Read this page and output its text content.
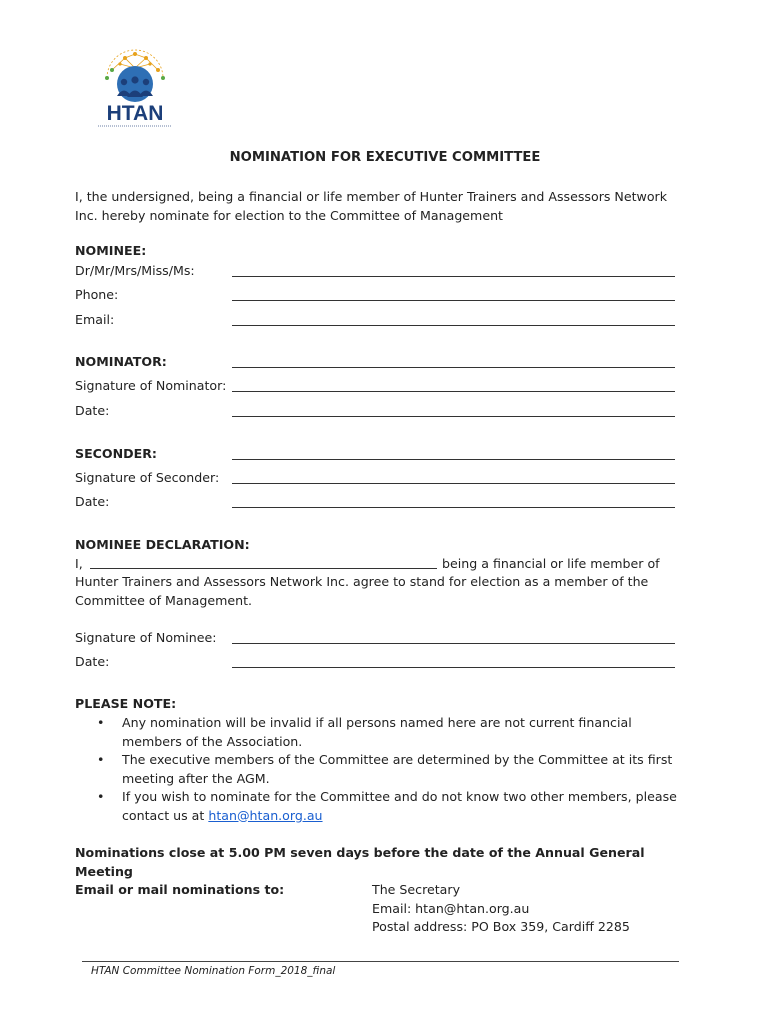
HTAN
NOMINATION FOR EXECUTIVE COMMITTEE
I, the undersigned, being a financial or life member of Hunter Trainers and Assessors Network Inc. hereby nominate for election to the Committee of Management
NOMINEE:
Dr/Mr/Mrs/Miss/Ms:
Phone:
Email:
NOMINATOR:
Signature of Nominator:
Date:
SECONDER:
Signature of Seconder:
Date:
NOMINEE DECLARATION:
I,	being a financial or life member of
Hunter Trainers and Assessors Network Inc. agree to stand for election as a member of the
Committee of Management.
Signature of Nominee:
Date:
PLEASE NOTE:
• Any nomination will be invalid if all persons named here are not current financial
members of the Association.
• The executive members of the Committee are determined by the Committee at its first
meeting after the AGM.
• If you wish to nominate for the Committee and do not know two other members, please
contact us at htan@htan.org.au
Nominations close at 5.00 PM seven days before the date of the Annual General
Meeting
Email or mail nominations to:	The Secretary
Email: htan@htan.org.au
Postal address: PO Box 359, Cardiff 2285
HTAN Committee Nomination Form_2018_final
